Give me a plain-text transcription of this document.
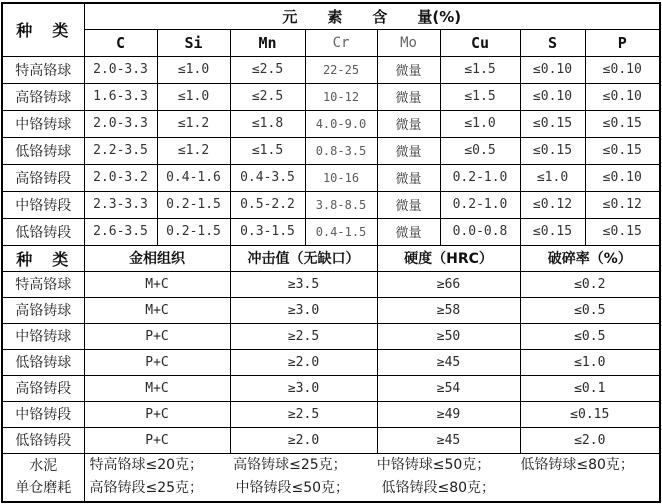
种　类	元　　素　　含　　量(%)							
	C	Si	Mn	Cr	Mo	Cu	S	P
特高铬球	2.0-3.3	≤1.0	≤2.5	22-25	微量	≤1.5	≤0.10	≤0.10
高铬铸球	1.6-3.3	≤1.0	≤2.5	10-12	微量	≤1.5	≤0.10	≤0.10
中铬铸球	2.0-3.3	≤1.2	≤1.8	4.0-9.0	微量	≤1.0	≤0.15	≤0.15
低铬铸球	2.2-3.5	≤1.2	≤1.5	0.8-3.5	微量	≤0.5	≤0.15	≤0.15
高铬铸段	2.0-3.2	0.4-1.6	0.4-3.5	10-16	微量	0.2-1.0	≤1.0	≤0.10
中铬铸段	2.3-3.3	0.2-1.5	0.5-2.2	3.8-8.5	微量	0.2-1.0	≤0.12	≤0.12
低铬铸段	2.6-3.5	0.2-1.5	0.3-1.5	0.4-1.5	微量	0.0-0.8	≤0.15	≤0.15
种　类	金相组织		冲击值（无缺口）		硬度（HRC）		破碎率（%）	
特高铬球	M+C		≥3.5		≥66		≤0.2	
高铬铸球	M+C		≥3.0		≥58		≤0.5	
中铬铸球	P+C		≥2.5		≥50		≤0.5	
低铬铸球	P+C		≥2.0		≥45		≤1.0	
高铬铸段	M+C		≥3.0		≥54		≤0.1	
中铬铸段	P+C		≥2.5		≥49		≤0.15	
低铬铸段	P+C		≥2.0		≥45		≤2.0	

水泥
单仓磨耗

特高铬球≤20克；	高铬铸球≤25克；	中铬铸球≤50克；	低铬铸球≤80克；
高铬铸段≤25克；	中铬铸段≤50克；	低铬铸段≤80克；
